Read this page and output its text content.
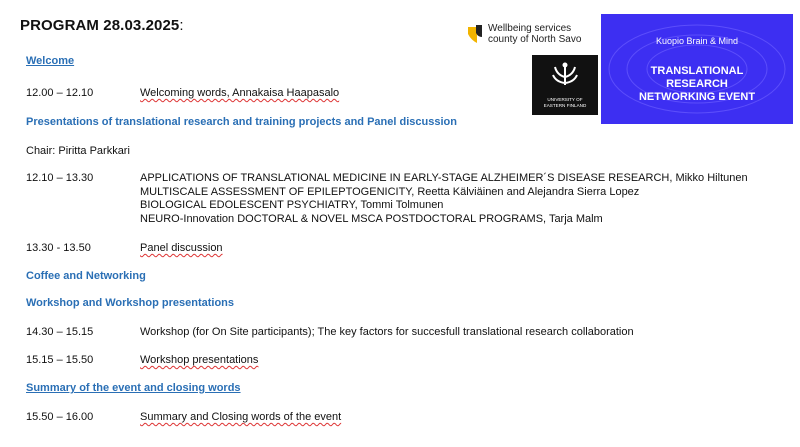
PROGRAM 28.03.2025:	Wellbeing services
county of North Savo
UNIVERSITY OF
EASTERN FINLAND
Kuopio Brain & Mind
TRANSLATIONAL
RESEARCH
NETWORKING EVENT
Welcome
12.00 – 12.10	Welcoming words, Annakaisa Haapasalo
Presentations of translational research and training projects and Panel discussion
Chair: Piritta Parkkari
12.10 – 13.30	APPLICATIONS OF TRANSLATIONAL MEDICINE IN EARLY-STAGE ALZHEIMER´S DISEASE RESEARCH, Mikko Hiltunen
MULTISCALE ASSESSMENT OF EPILEPTOGENICITY, Reetta Kälviäinen and Alejandra Sierra Lopez
BIOLOGICAL EDOLESCENT PSYCHIATRY, Tommi Tolmunen
NEURO-Innovation DOCTORAL & NOVEL MSCA POSTDOCTORAL PROGRAMS, Tarja Malm
13.30 - 13.50	Panel discussion
Coffee and Networking
Workshop and Workshop presentations
14.30 – 15.15	Workshop (for On Site participants); The key factors for succesfull translational research collaboration
15.15 – 15.50	Workshop presentations
Summary of the event and closing words
15.50 – 16.00	Summary and Closing words of the event
